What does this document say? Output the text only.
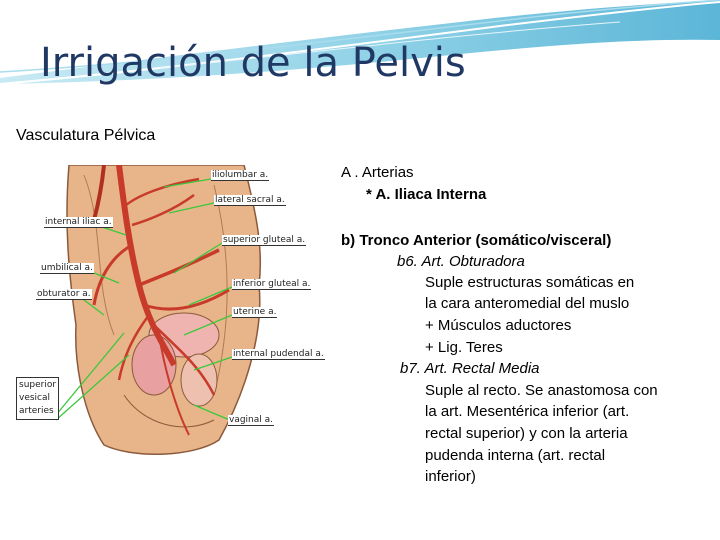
Irrigación de la Pelvis
Vasculatura Pélvica
iliolumbar a.
lateral sacral a.
internal iliac a.
superior gluteal a.
umbilical a.
obturator a.
inferior gluteal a.
uterine a.
internal pudendal a.
superior
vesical
arteries
vaginal a.
A . Arterias
* A. Iliaca Interna
b) Tronco Anterior (somático/visceral)
b6. Art. Obturadora
Suple estructuras somáticas en
la cara anteromedial del muslo
+ Músculos aductores
+ Lig. Teres
b7. Art. Rectal Media
Suple al recto. Se anastomosa con
la art. Mesentérica inferior (art.
rectal superior) y con la arteria
pudenda interna (art. rectal
inferior)
